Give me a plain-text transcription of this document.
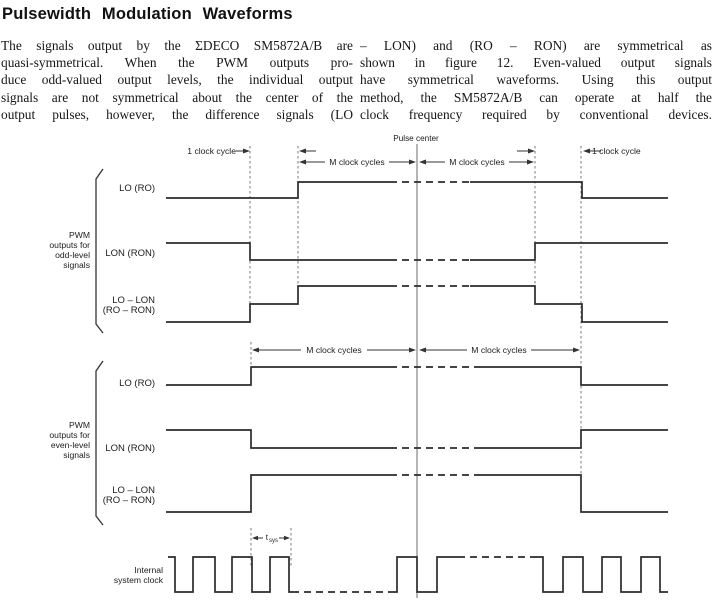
Pulsewidth Modulation Waveforms
The signals output by the ΣDECO SM5872A/B are
quasi-symmetrical. When the PWM outputs pro-
duce odd-valued output levels, the individual output
signals are not symmetrical about the center of the
output pulses, however, the difference signals (LO
– LON) and (RO – RON) are symmetrical as
shown in figure 12. Even-valued output signals
have symmetrical waveforms. Using this output
method, the SM5872A/B can operate at half the
clock frequency required by conventional devices.
1 clock cycle	1 clock cycle
M clock cycles	M clock cycles
Pulse center
PWM
outputs for
odd-level
signals
LO (RO)
LON (RON)
LO – LON
(RO – RON)
M clock cycles	M clock cycles
PWM
outputs for
even-level
signals
LO (RO)
LON (RON)
LO – LON
(RO – RON)
t sys
Internal
system clock
